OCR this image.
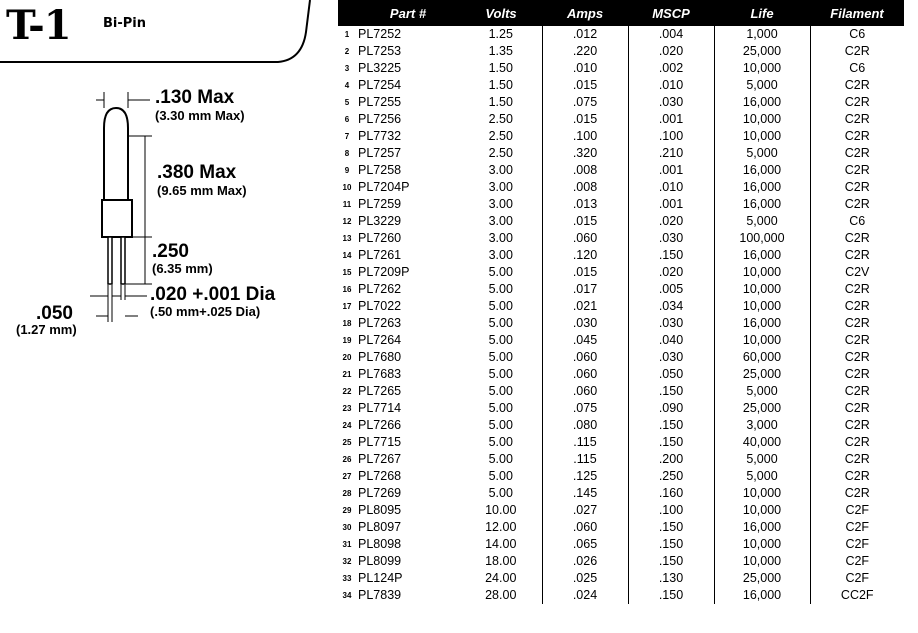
T-1 Bi-Pin
.130 Max
(3.30 mm Max)
.380 Max
(9.65 mm Max)
.250
(6.35 mm)
.020 +.001 Dia
(.50 mm+.025 Dia)
.050
(1.27 mm)
	Part #	Volts	Amps	MSCP	Life	Filament
1	PL7252	1.25	.012	.004	1,000	C6
2	PL7253	1.35	.220	.020	25,000	C2R
3	PL3225	1.50	.010	.002	10,000	C6
4	PL7254	1.50	.015	.010	5,000	C2R
5	PL7255	1.50	.075	.030	16,000	C2R
6	PL7256	2.50	.015	.001	10,000	C2R
7	PL7732	2.50	.100	.100	10,000	C2R
8	PL7257	2.50	.320	.210	5,000	C2R
9	PL7258	3.00	.008	.001	16,000	C2R
10	PL7204P	3.00	.008	.010	16,000	C2R
11	PL7259	3.00	.013	.001	16,000	C2R
12	PL3229	3.00	.015	.020	5,000	C6
13	PL7260	3.00	.060	.030	100,000	C2R
14	PL7261	3.00	.120	.150	16,000	C2R
15	PL7209P	5.00	.015	.020	10,000	C2V
16	PL7262	5.00	.017	.005	10,000	C2R
17	PL7022	5.00	.021	.034	10,000	C2R
18	PL7263	5.00	.030	.030	16,000	C2R
19	PL7264	5.00	.045	.040	10,000	C2R
20	PL7680	5.00	.060	.030	60,000	C2R
21	PL7683	5.00	.060	.050	25,000	C2R
22	PL7265	5.00	.060	.150	5,000	C2R
23	PL7714	5.00	.075	.090	25,000	C2R
24	PL7266	5.00	.080	.150	3,000	C2R
25	PL7715	5.00	.115	.150	40,000	C2R
26	PL7267	5.00	.115	.200	5,000	C2R
27	PL7268	5.00	.125	.250	5,000	C2R
28	PL7269	5.00	.145	.160	10,000	C2R
29	PL8095	10.00	.027	.100	10,000	C2F
30	PL8097	12.00	.060	.150	16,000	C2F
31	PL8098	14.00	.065	.150	10,000	C2F
32	PL8099	18.00	.026	.150	10,000	C2F
33	PL124P	24.00	.025	.130	25,000	C2F
34	PL7839	28.00	.024	.150	16,000	CC2F
